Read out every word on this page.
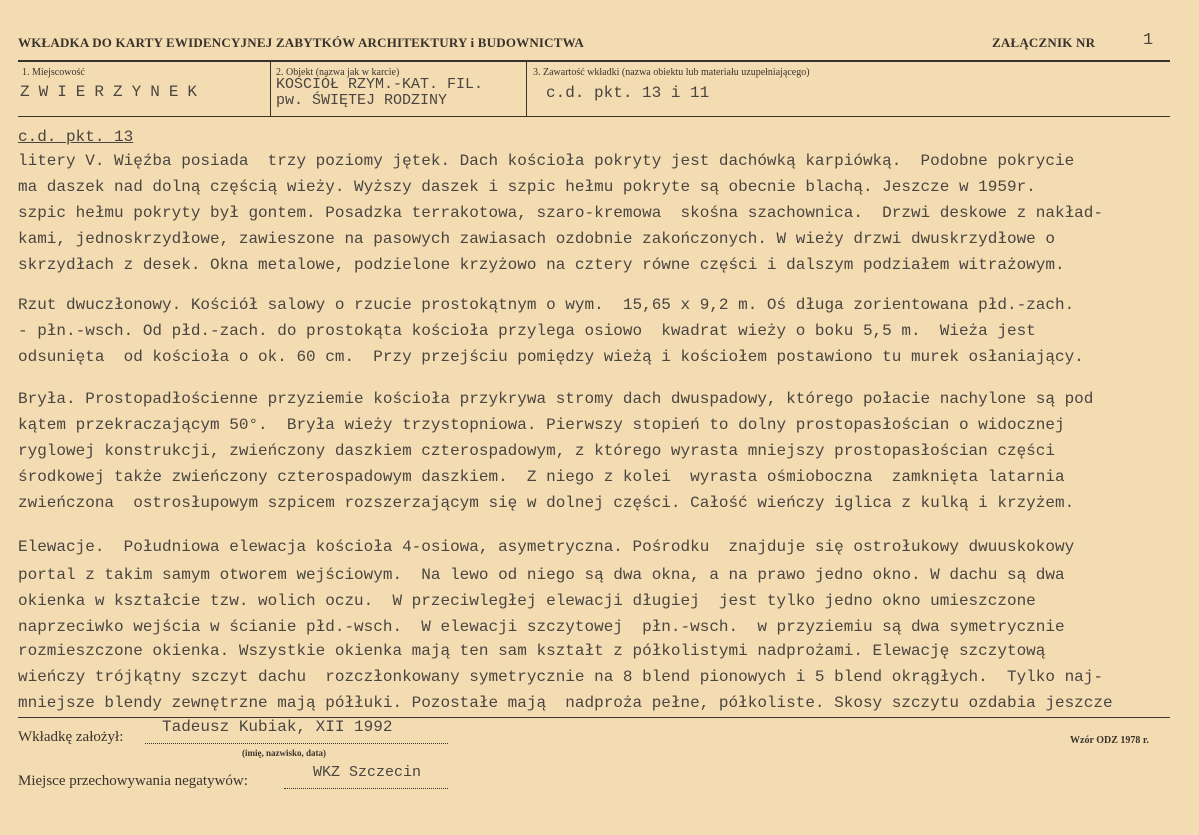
WKŁADKA DO KARTY EWIDENCYJNEJ ZABYTKÓW ARCHITEKTURY i BUDOWNICTWA	ZAŁĄCZNIK NR	1
1. Miejscowość
ZWIERZYNEK
2. Obiekt (nazwa jak w karcie)
KOŚCIÓŁ RZYM.-KAT. FIL.
pw. ŚWIĘTEJ RODZINY
3. Zawartość wkładki (nazwa obiektu lub materiału uzupełniającego)
c.d. pkt. 13 i 11
c.d. pkt. 13
litery V. Więźba posiada  trzy poziomy jętek. Dach kościoła pokryty jest dachówką karpiówką.  Podobne pokrycie
ma daszek nad dolną częścią wieży. Wyższy daszek i szpic hełmu pokryte są obecnie blachą. Jeszcze w 1959r.
szpic hełmu pokryty był gontem. Posadzka terrakotowa, szaro-kremowa  skośna szachownica.  Drzwi deskowe z nakład-
kami, jednoskrzydłowe, zawieszone na pasowych zawiasach ozdobnie zakończonych. W wieży drzwi dwuskrzydłowe o
skrzydłach z desek. Okna metalowe, podzielone krzyżowo na cztery równe części i dalszym podziałem witrażowym.
Rzut dwuczłonowy. Kościół salowy o rzucie prostokątnym o wym.  15,65 x 9,2 m. Oś długa zorientowana płd.-zach.
- płn.-wsch. Od płd.-zach. do prostokąta kościoła przylega osiowo  kwadrat wieży o boku 5,5 m.  Wieża jest
odsunięta  od kościoła o ok. 60 cm.  Przy przejściu pomiędzy wieżą i kościołem postawiono tu murek osłaniający.
Bryła. Prostopadłościenne przyziemie kościoła przykrywa stromy dach dwuspadowy, którego połacie nachylone są pod
kątem przekraczającym 50°.  Bryła wieży trzystopniowa. Pierwszy stopień to dolny prostopasłościan o widocznej
ryglowej konstrukcji, zwieńczony daszkiem czterospadowym, z którego wyrasta mniejszy prostopasłościan części
środkowej także zwieńczony czterospadowym daszkiem.  Z niego z kolei  wyrasta ośmioboczna  zamknięta latarnia
zwieńczona  ostrosłupowym szpicem rozszerzającym się w dolnej części. Całość wieńczy iglica z kulką i krzyżem.
Elewacje.  Południowa elewacja kościoła 4-osiowa, asymetryczna. Pośrodku  znajduje się ostrołukowy dwuuskokowy
portal z takim samym otworem wejściowym.  Na lewo od niego są dwa okna, a na prawo jedno okno. W dachu są dwa
okienka w kształcie tzw. wolich oczu.  W przeciwległej elewacji długiej  jest tylko jedno okno umieszczone
naprzeciwko wejścia w ścianie płd.-wsch.  W elewacji szczytowej  płn.-wsch.  w przyziemiu są dwa symetrycznie
rozmieszczone okienka. Wszystkie okienka mają ten sam kształt z półkolistymi nadprożami. Elewację szczytową
wieńczy trójkątny szczyt dachu  rozczłonkowany symetrycznie na 8 blend pionowych i 5 blend okrągłych.  Tylko naj-
mniejsze blendy zewnętrzne mają półłuki. Pozostałe mają  nadproża pełne, półkoliste. Skosy szczytu ozdabia jeszcze
Wkładkę założył:
Tadeusz Kubiak, XII 1992
(imię, nazwisko, data)
Miejsce przechowywania negatywów:	WKZ Szczecin
Wzór ODZ 1978 r.
